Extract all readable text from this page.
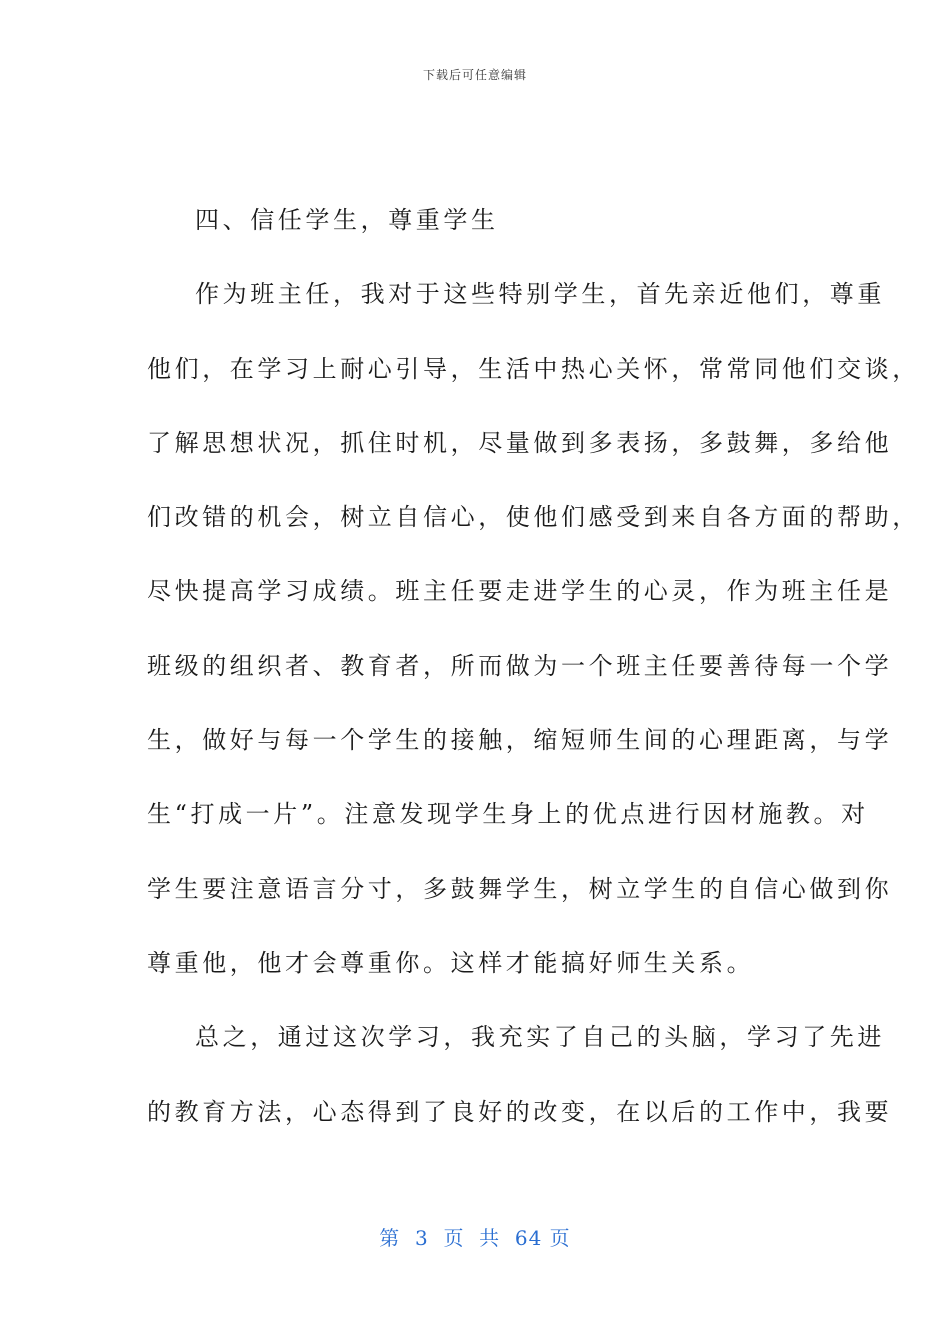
下载后可任意编辑
四、信任学生，尊重学生
作为班主任，我对于这些特别学生，首先亲近他们，尊重
他们，在学习上耐心引导，生活中热心关怀，常常同他们交谈，
了解思想状况，抓住时机，尽量做到多表扬，多鼓舞，多给他
们改错的机会，树立自信心，使他们感受到来自各方面的帮助，
尽快提高学习成绩。班主任要走进学生的心灵，作为班主任是
班级的组织者、教育者，所而做为一个班主任要善待每一个学
生，做好与每一个学生的接触，缩短师生间的心理距离，与学
生“打成一片”。注意发现学生身上的优点进行因材施教。对
学生要注意语言分寸，多鼓舞学生，树立学生的自信心做到你
尊重他，他才会尊重你。这样才能搞好师生关系。
总之，通过这次学习，我充实了自己的头脑，学习了先进
的教育方法，心态得到了良好的改变，在以后的工作中，我要
第  3  页  共  64 页
